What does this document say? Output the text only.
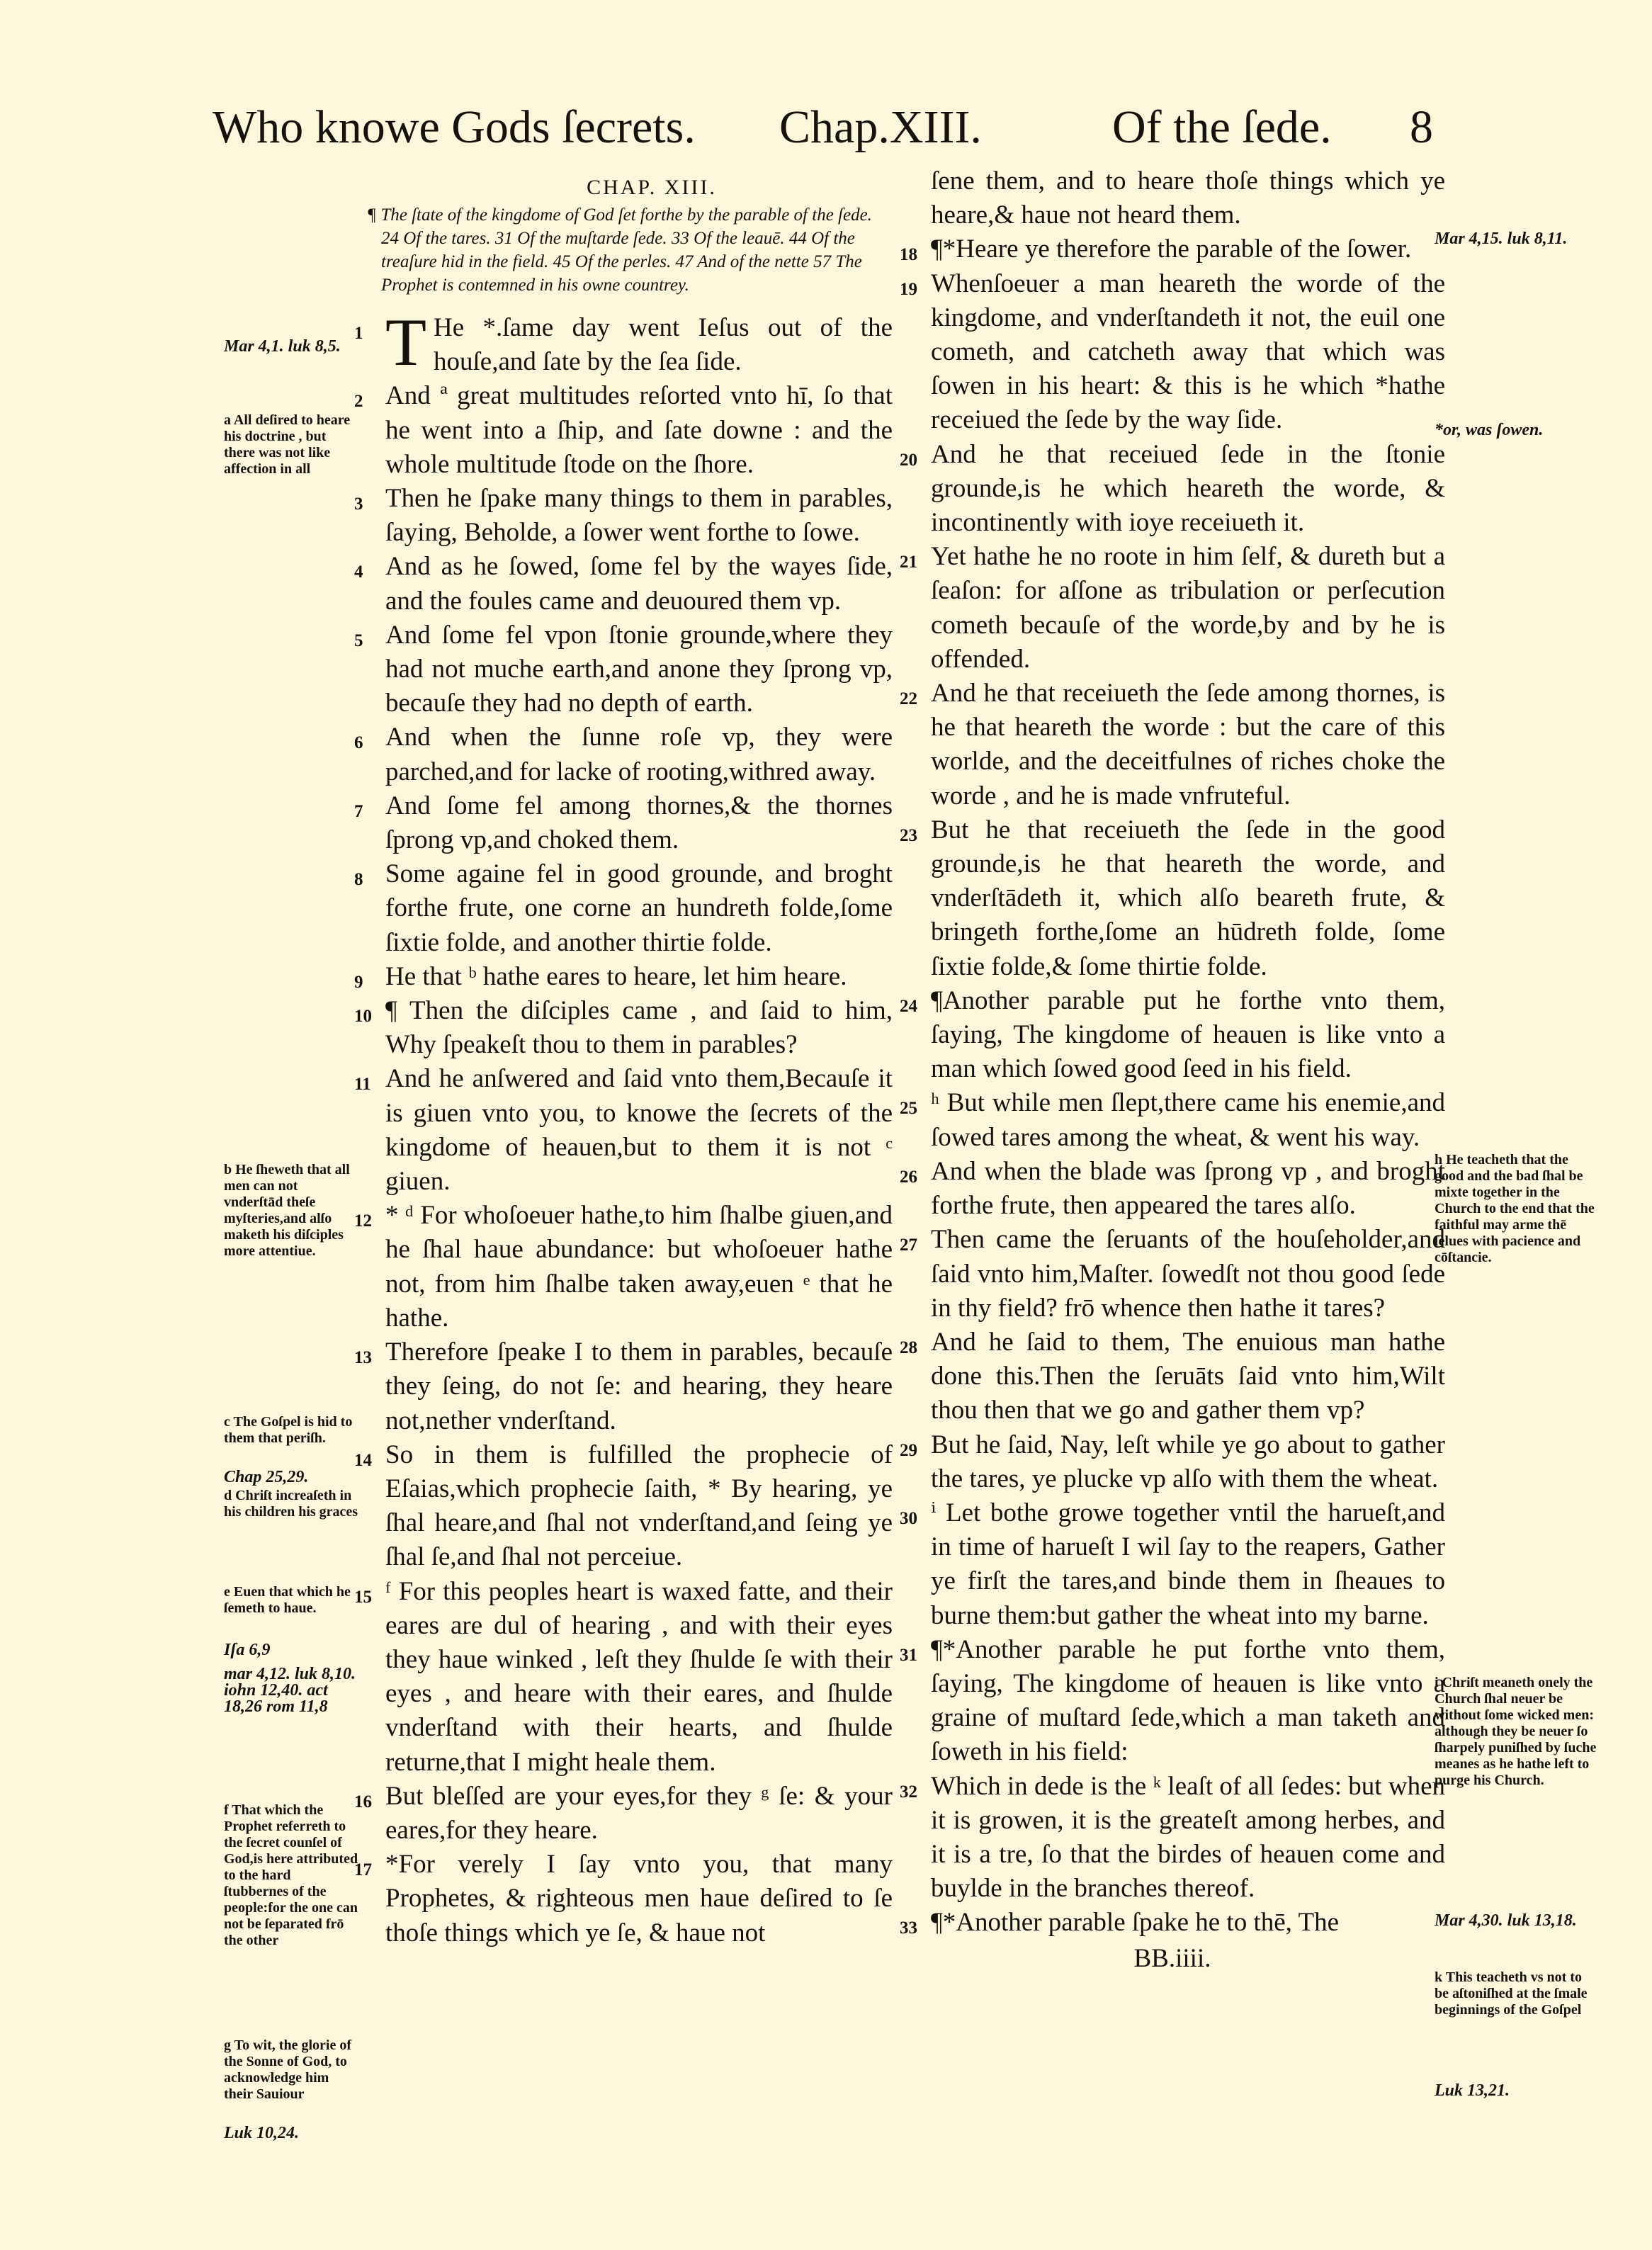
Who knowe Gods ſecrets. Chap.XIII.	Of the ſede. 8
CHAP. XIII.
¶ The ſtate of the kingdome of God ſet forthe by the parable of the ſede. 24 Of the tares. 31 Of the muſtarde ſede. 33 Of the leauē. 44 Of the treaſure hid in the field. 45 Of the perles. 47 And of the nette 57 The Prophet is contemned in his owne countrey.
1 T He *.ſame day went Ieſus out of the houſe,and ſate by the ſea ſide.
2 And ª great multitudes reſorted vnto hī, ſo that he went into a ſhip, and ſate downe : and the whole multitude ſtode on the ſhore.
3 Then he ſpake many things to them in parables, ſaying, Beholde, a ſower went forthe to ſowe.
4 And as he ſowed, ſome fel by the wayes ſide, and the foules came and deuoured them vp.
5 And ſome fel vpon ſtonie grounde,where they had not muche earth,and anone they ſprong vp, becauſe they had no depth of earth.
6 And when the ſunne roſe vp, they were parched,and for lacke of rooting,withred away.
7 And ſome fel among thornes,& the thornes ſprong vp,and choked them.
8 Some againe fel in good grounde, and broght forthe frute, one corne an hundreth folde,ſome ſixtie folde, and another thirtie folde.
9 He that ᵇ hathe eares to heare, let him heare.
10 ¶ Then the diſciples came , and ſaid to him, Why ſpeakeſt thou to them in parables?
11 And he anſwered and ſaid vnto them,Becauſe it is giuen vnto you, to knowe the ſecrets of the kingdome of heauen,but to them it is not ᶜ giuen.
12 * ᵈ For whoſoeuer hathe,to him ſhalbe giuen,and he ſhal haue abundance: but whoſoeuer hathe not, from him ſhalbe taken away,euen ᵉ that he hathe.
13 Therefore ſpeake I to them in parables, becauſe they ſeing, do not ſe: and hearing, they heare not,nether vnderſtand.
14 So in them is fulfilled the prophecie of Eſaias,which prophecie ſaith, * By hearing, ye ſhal heare,and ſhal not vnderſtand,and ſeing ye ſhal ſe,and ſhal not perceiue.
15 ᶠ For this peoples heart is waxed fatte, and their eares are dul of hearing , and with their eyes they haue winked , leſt they ſhulde ſe with their eyes , and heare with their eares, and ſhulde vnderſtand with their hearts, and ſhulde returne,that I might heale them.
16 But bleſſed are your eyes,for they ᵍ ſe: & your eares,for they heare.
17 *For verely I ſay vnto you, that many Prophetes, & righteous men haue deſired to ſe thoſe things which ye ſe, & haue not
ſene them, and to heare thoſe things which ye heare,& haue not heard them.
18 ¶*Heare ye therefore the parable of the ſower.
19 Whenſoeuer a man heareth the worde of the kingdome, and vnderſtandeth it not, the euil one cometh, and catcheth away that which was ſowen in his heart: & this is he which *hathe receiued the ſede by the way ſide.
20 And he that receiued ſede in the ſtonie grounde,is he which heareth the worde, & incontinently with ioye receiueth it.
21 Yet hathe he no roote in him ſelf, & dureth but a ſeaſon: for aſſone as tribulation or perſecution cometh becauſe of the worde,by and by he is offended.
22 And he that receiueth the ſede among thornes, is he that heareth the worde : but the care of this worlde, and the deceitfulnes of riches choke the worde , and he is made vnfruteful.
23 But he that receiueth the ſede in the good grounde,is he that heareth the worde, and vnderſtādeth it, which alſo beareth frute, & bringeth forthe,ſome an hūdreth folde, ſome ſixtie folde,& ſome thirtie folde.
24 ¶Another parable put he forthe vnto them, ſaying, The kingdome of heauen is like vnto a man which ſowed good ſeed in his field.
25 ʰ But while men ſlept,there came his enemie,and ſowed tares among the wheat, & went his way.
26 And when the blade was ſprong vp , and broght forthe frute, then appeared the tares alſo.
27 Then came the ſeruants of the houſeholder,and ſaid vnto him,Maſter. ſowedſt not thou good ſede in thy field? frō whence then hathe it tares?
28 And he ſaid to them, The enuious man hathe done this.Then the ſeruāts ſaid vnto him,Wilt thou then that we go and gather them vp?
29 But he ſaid, Nay, leſt while ye go about to gather the tares, ye plucke vp alſo with them the wheat.
30 ⁱ Let bothe growe together vntil the harueſt,and in time of harueſt I wil ſay to the reapers, Gather ye firſt the tares,and binde them in ſheaues to burne them:but gather the wheat into my barne.
31 ¶*Another parable he put forthe vnto them, ſaying, The kingdome of heauen is like vnto a graine of muſtard ſede,which a man taketh and ſoweth in his field:
32 Which in dede is the ᵏ leaſt of all ſedes: but when it is growen, it is the greateſt among herbes, and it is a tre, ſo that the birdes of heauen come and buylde in the branches thereof.
33 ¶*Another parable ſpake he to thē, The
BB.iiii.
Mar 4,1. luk 8,5.
a All deſired to heare his doctrine , but there was not like affection in all
b He ſheweth that all men can not vnderſtād theſe myſteries,and alſo maketh his diſciples more attentiue.
c The Goſpel is hid to them that periſh.
Chap 25,29.
d Chriſt increaſeth in his children his graces
e Euen that which he ſemeth to haue.
Iſa 6,9
mar 4,12. luk 8,10. iohn 12,40. act 18,26 rom 11,8
f That which the Prophet referreth to the ſecret counſel of God,is here attributed to the hard ſtubbernes of the people:for the one can not be ſeparated frō the other
g To wit, the glorie of the Sonne of God, to acknowledge him their Sauiour
Luk 10,24.
Mar 4,15. luk 8,11.
*or, was ſowen.
h He teacheth that the good and the bad ſhal be mixte together in the Church to the end that the faithful may arme thē ſelues with pacience and cōſtancie.
i Chriſt meaneth onely the Church ſhal neuer be without ſome wicked men: although they be neuer ſo ſharpely puniſhed by ſuche meanes as he hathe left to purge his Church.
Mar 4,30. luk 13,18.
k This teacheth vs not to be aſtoniſhed at the ſmale beginnings of the Goſpel
Luk 13,21.
